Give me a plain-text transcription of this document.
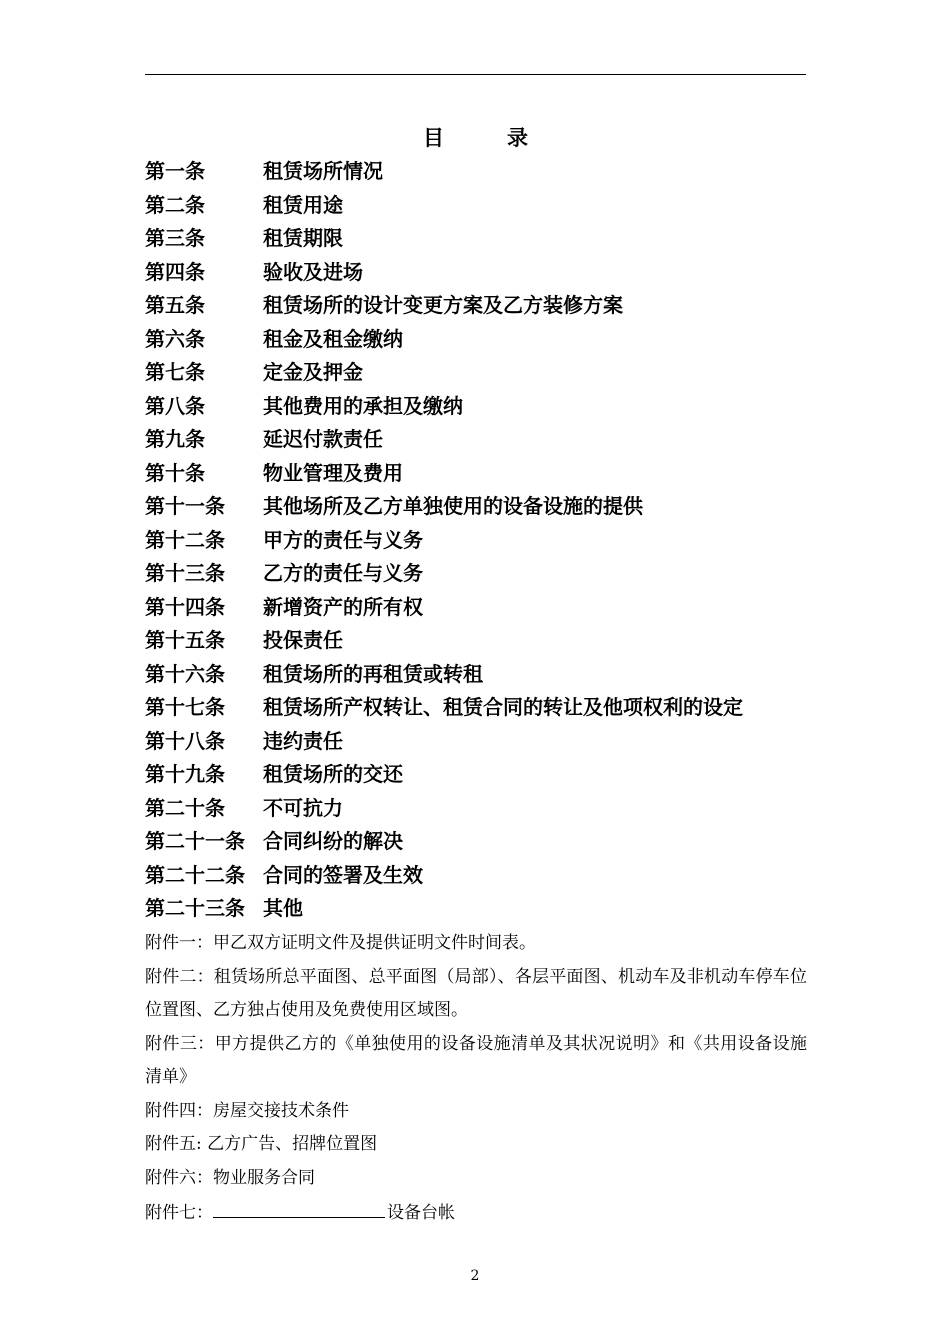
目	录
第一条	租赁场所情况
第二条	租赁用途
第三条	租赁期限
第四条	验收及进场
第五条	租赁场所的设计变更方案及乙方装修方案
第六条	租金及租金缴纳
第七条	定金及押金
第八条	其他费用的承担及缴纳
第九条	延迟付款责任
第十条	物业管理及费用
第十一条 其他场所及乙方单独使用的设备设施的提供
第十二条 甲方的责任与义务
第十三条 乙方的责任与义务
第十四条 新增资产的所有权
第十五条 投保责任
第十六条 租赁场所的再租赁或转租
第十七条 租赁场所产权转让、租赁合同的转让及他项权利的设定
第十八条 违约责任
第十九条 租赁场所的交还
第二十条 不可抗力
第二十一条 合同纠纷的解决
第二十二条 合同的签署及生效
第二十三条 其他
附件一：甲乙双方证明文件及提供证明文件时间表。
附件二：租赁场所总平面图、总平面图（局部）、各层平面图、机动车及非机动车停车位位置图、乙方独占使用及免费使用区域图。
附件三：甲方提供乙方的《单独使用的设备设施清单及其状况说明》和《共用设备设施清单》
附件四：房屋交接技术条件
附件五: 乙方广告、招牌位置图
附件六：物业服务合同
附件七：	设备台帐
2
